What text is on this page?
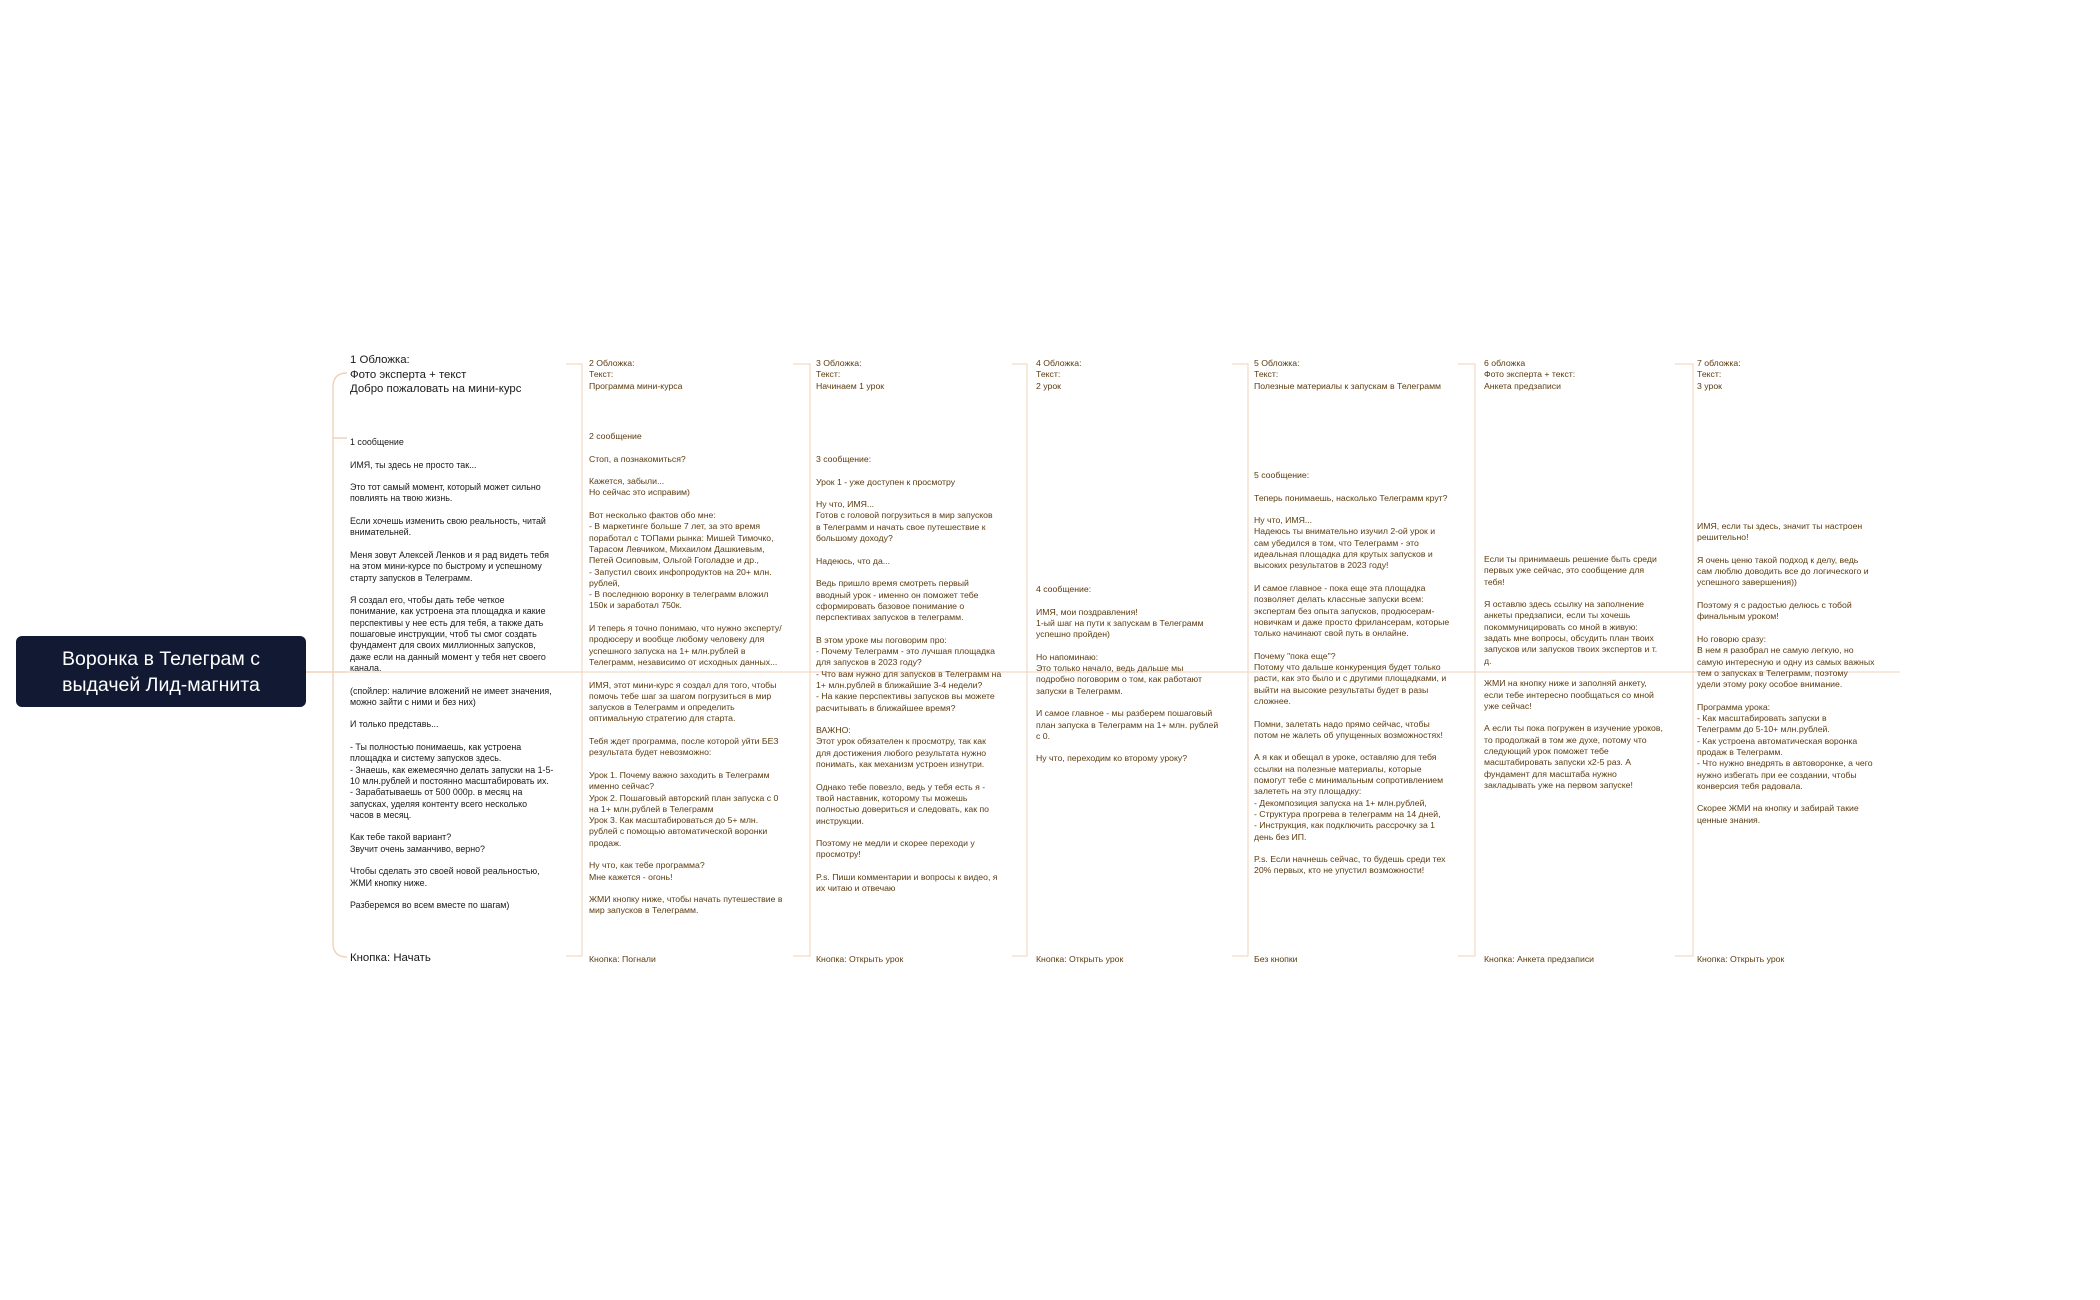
Воронка в Телеграм с
выдачей Лид-магнита
1 Обложка:
Фото эксперта + текст
Добро пожаловать на мини-курс
1 сообщение

ИМЯ, ты здесь не просто так...

Это тот самый момент, который может сильно
повлиять на твою жизнь.

Если хочешь изменить свою реальность, читай
внимательней.

Меня зовут Алексей Ленков и я рад видеть тебя
на этом мини-курсе по быстрому и успешному
старту запусков в Телеграмм.

Я создал его, чтобы дать тебе четкое
понимание, как устроена эта площадка и какие
перспективы у нее есть для тебя, а также дать
пошаговые инструкции, чтоб ты смог создать
фундамент для своих миллионных запусков,
даже если на данный момент у тебя нет своего
канала.

(спойлер: наличие вложений не имеет значения,
можно зайти с ними и без них)

И только представь...

- Ты полностью понимаешь, как устроена
площадка и систему запусков здесь.
- Знаешь, как ежемесячно делать запуски на 1-5-
10 млн.рублей и постоянно масштабировать их.
- Зарабатываешь от 500 000р. в месяц на
запусках, уделяя контенту всего несколько
часов в месяц.

Как тебе такой вариант?
Звучит очень заманчиво, верно?

Чтобы сделать это своей новой реальностью,
ЖМИ кнопку ниже.

Разберемся во всем вместе по шагам)
Кнопка: Начать
2 Обложка:
Текст:
Программа мини-курса
2 сообщение

Стоп, а познакомиться?

Кажется, забыли...
Но сейчас это исправим)

Вот несколько фактов обо мне:
- В маркетинге больше 7 лет, за это время
поработал с ТОПами рынка: Мишей Тимочко,
Тарасом Левчиком, Михаилом Дашкиевым,
Петей Осиповым, Ольгой Гоголадзе и др.,
- Запустил своих инфопродуктов на 20+ млн.
рублей,
- В последнюю воронку в телеграмм вложил
150к и заработал 750к.

И теперь я точно понимаю, что нужно эксперту/
продюсеру и вообще любому человеку для
успешного запуска на 1+ млн.рублей в
Телеграмм, независимо от исходных данных...

ИМЯ, этот мини-курс я создал для того, чтобы
помочь тебе шаг за шагом погрузиться в мир
запусков в Телеграмм и определить
оптимальную стратегию для старта.

Тебя ждет программа, после которой уйти БЕЗ
результата будет невозможно:

Урок 1. Почему важно заходить в Телеграмм
именно сейчас?
Урок 2. Пошаговый авторский план запуска с 0
на 1+ млн.рублей в Телеграмм
Урок 3. Как масштабироваться до 5+ млн.
рублей с помощью автоматической воронки
продаж.

Ну что, как тебе программа?
Мне кажется - огонь!

ЖМИ кнопку ниже, чтобы начать путешествие в
мир запусков в Телеграмм.
Кнопка: Погнали
3 Обложка:
Текст:
Начинаем 1 урок
3 сообщение:

Урок 1 - уже доступен к просмотру

Ну что, ИМЯ...
Готов с головой погрузиться в мир запусков
в Телеграмм и начать свое путешествие к
большому доходу?

Надеюсь, что да...

Ведь пришло время смотреть первый
вводный урок - именно он поможет тебе
сформировать базовое понимание о
перспективах запусков в телеграмм.

В этом уроке мы поговорим про:
- Почему Телеграмм - это лучшая площадка
для запусков в 2023 году?
- Что вам нужно для запусков в Телеграмм на
1+ млн.рублей в ближайшие 3-4 недели?
- На какие перспективы запусков вы можете
расчитывать в ближайшее время?

ВАЖНО:
Этот урок обязателен к просмотру, так как
для достижения любого результата нужно
понимать, как механизм устроен изнутри.

Однако тебе повезло, ведь у тебя есть я -
твой наставник, которому ты можешь
полностью довериться и следовать, как по
инструкции.

Поэтому не медли и скорее переходи у
просмотру!

P.s. Пиши комментарии и вопросы к видео, я
их читаю и отвечаю
Кнопка: Открыть урок
4 Обложка:
Текст:
2 урок
4 сообщение:

ИМЯ, мои поздравления!
1-ый шаг на пути к запускам в Телеграмм
успешно пройден)

Но напоминаю:
Это только начало, ведь дальше мы
подробно поговорим о том, как работают
запуски в Телеграмм.

И самое главное - мы разберем пошаговый
план запуска в Телеграмм на 1+ млн. рублей
с 0.

Ну что, переходим ко второму уроку?
Кнопка: Открыть урок
5 Обложка:
Текст:
Полезные материалы к запускам в Телеграмм
5 сообщение:

Теперь понимаешь, насколько Телеграмм крут?

Ну что, ИМЯ...
Надеюсь ты внимательно изучил 2-ой урок и
сам убедился в том, что Телеграмм - это
идеальная площадка для крутых запусков и
высоких результатов в 2023 году!

И самое главное - пока еще эта площадка
позволяет делать классные запуски всем:
экспертам без опыта запусков, продюсерам-
новичкам и даже просто фрилансерам, которые
только начинают свой путь в онлайне.

Почему "пока еще"?
Потому что дальше конкуренция будет только
расти, как это было и с другими площадками, и
выйти на высокие результаты будет в разы
сложнее.

Помни, залетать надо прямо сейчас, чтобы
потом не жалеть об упущенных возможностях!

А я как и обещал в уроке, оставляю для тебя
ссылки на полезные материалы, которые
помогут тебе с минимальным сопротивлением
залететь на эту площадку:
- Декомпозиция запуска на 1+ млн.рублей,
- Структура прогрева в телеграмм на 14 дней,
- Инструкция, как подключить рассрочку за 1
день без ИП.

P.s. Если начнешь сейчас, то будешь среди тех
20% первых, кто не упустил возможности!
Без кнопки
6 обложка
Фото эксперта + текст:
Анкета предзаписи
Если ты принимаешь решение быть среди
первых уже сейчас, это сообщение для
тебя!

Я оставлю здесь ссылку на заполнение
анкеты предзаписи, если ты хочешь
покоммуницировать со мной в живую:
задать мне вопросы, обсудить план твоих
запусков или запусков твоих экспертов и т.
д.

ЖМИ на кнопку ниже и заполняй анкету,
если тебе интересно пообщаться со мной
уже сейчас!

А если ты пока погружен в изучение уроков,
то продолжай в том же духе, потому что
следующий урок поможет тебе
масштабировать запуски х2-5 раз. А
фундамент для масштаба нужно
закладывать уже на первом запуске!
Кнопка: Анкета предзаписи
7 обложка:
Текст:
3 урок
ИМЯ, если ты здесь, значит ты настроен
решительно!

Я очень ценю такой подход к делу, ведь
сам люблю доводить все до логического и
успешного завершения))

Поэтому я с радостью делюсь с тобой
финальным уроком!

Но говорю сразу:
В нем я разобрал не самую легкую, но
самую интересную и одну из самых важных
тем о запусках в Телеграмм, поэтому
удели этому року особое внимание.

Программа урока:
- Как масштабировать запуски в
Телеграмм до 5-10+ млн.рублей.
- Как устроена автоматическая воронка
продаж в Телеграмм.
- Что нужно внедрять в автоворонке, а чего
нужно избегать при ее создании, чтобы
конверсия тебя радовала.

Скорее ЖМИ на кнопку и забирай такие
ценные знания.
Кнопка: Открыть урок
